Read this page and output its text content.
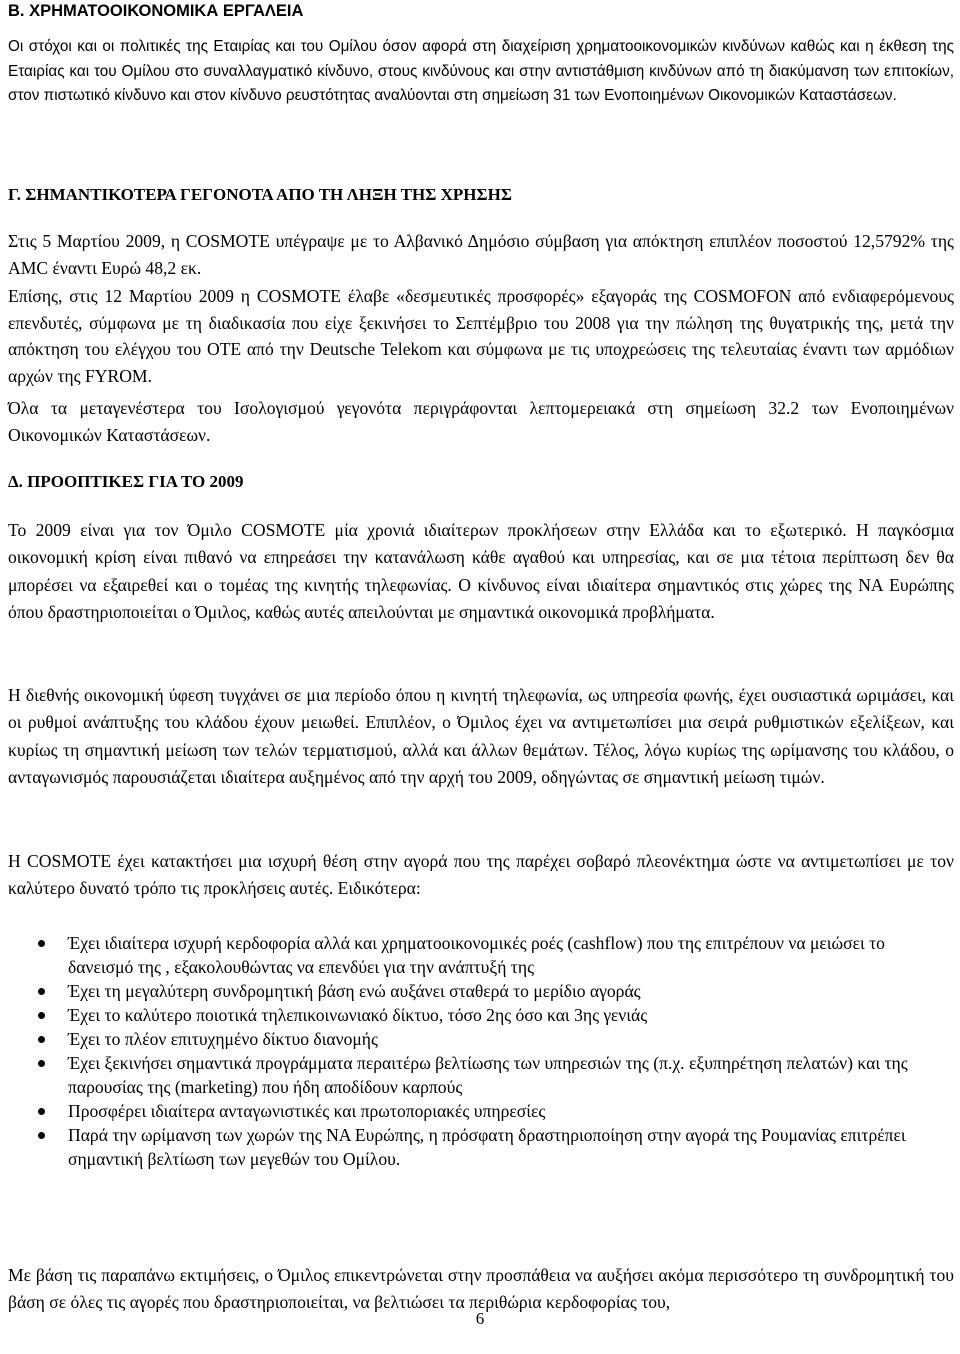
Β. ΧΡΗΜΑΤΟΟΙΚΟΝΟΜΙΚΑ ΕΡΓΑΛΕΙΑ
Οι στόχοι και οι πολιτικές της Εταιρίας και του Ομίλου όσον αφορά στη διαχείριση χρηματοοικονομικών κινδύνων καθώς και η έκθεση της Εταιρίας και του Ομίλου στο συναλλαγματικό κίνδυνο, στους κινδύνους και στην αντιστάθμιση κινδύνων από τη διακύμανση των επιτοκίων, στον πιστωτικό κίνδυνο και στον κίνδυνο ρευστότητας αναλύονται στη σημείωση 31 των Ενοποιημένων Οικονομικών Καταστάσεων.
Γ. ΣΗΜΑΝΤΙΚΟΤΕΡΑ ΓΕΓΟΝΟΤΑ ΑΠΟ ΤΗ ΛΗΞΗ ΤΗΣ ΧΡΗΣΗΣ
Στις 5 Μαρτίου 2009, η COSMOTE υπέγραψε με το Αλβανικό Δημόσιο σύμβαση για απόκτηση επιπλέον ποσοστού 12,5792% της AMC έναντι Ευρώ 48,2 εκ.
Επίσης, στις 12 Μαρτίου 2009 η COSMOTE έλαβε «δεσμευτικές προσφορές» εξαγοράς της COSMOFON από ενδιαφερόμενους επενδυτές, σύμφωνα με τη διαδικασία που είχε ξεκινήσει το Σεπτέμβριο του 2008 για την πώληση της θυγατρικής της, μετά την απόκτηση του ελέγχου του ΟΤΕ από την Deutsche Telekom και σύμφωνα με τις υποχρεώσεις της τελευταίας έναντι των αρμόδιων αρχών της FYROM.
Όλα τα μεταγενέστερα του Ισολογισμού γεγονότα περιγράφονται λεπτομερειακά στη σημείωση 32.2 των Ενοποιημένων Οικονομικών Καταστάσεων.
Δ. ΠΡΟΟΠΤΙΚΕΣ ΓΙΑ ΤΟ 2009
Το 2009 είναι για τον Όμιλο COSMOTE μία χρονιά ιδιαίτερων προκλήσεων στην Ελλάδα και το εξωτερικό. Η παγκόσμια οικονομική κρίση είναι πιθανό να επηρεάσει την κατανάλωση κάθε αγαθού και υπηρεσίας, και σε μια τέτοια περίπτωση δεν θα μπορέσει να εξαιρεθεί και ο τομέας της κινητής τηλεφωνίας. Ο κίνδυνος είναι ιδιαίτερα σημαντικός στις χώρες της ΝΑ Ευρώπης όπου δραστηριοποιείται ο Όμιλος, καθώς αυτές απειλούνται με σημαντικά οικονομικά προβλήματα.
Η διεθνής οικονομική ύφεση τυγχάνει σε μια περίοδο όπου η κινητή τηλεφωνία, ως υπηρεσία φωνής, έχει ουσιαστικά ωριμάσει, και οι ρυθμοί ανάπτυξης του κλάδου έχουν μειωθεί. Επιπλέον, ο Όμιλος έχει να αντιμετωπίσει μια σειρά ρυθμιστικών εξελίξεων, και κυρίως τη σημαντική μείωση των τελών τερματισμού, αλλά και άλλων θεμάτων. Τέλος, λόγω κυρίως της ωρίμανσης του κλάδου, ο ανταγωνισμός παρουσιάζεται ιδιαίτερα αυξημένος από την αρχή του 2009, οδηγώντας σε σημαντική μείωση τιμών.
Η COSMOTE έχει κατακτήσει μια ισχυρή θέση στην αγορά που της παρέχει σοβαρό πλεονέκτημα ώστε να αντιμετωπίσει με τον καλύτερο δυνατό τρόπο τις προκλήσεις αυτές. Ειδικότερα:
Έχει ιδιαίτερα ισχυρή κερδοφορία αλλά και χρηματοοικονομικές ροές (cashflow) που της επιτρέπουν να μειώσει το δανεισμό της , εξακολουθώντας να επενδύει για την ανάπτυξή της
Έχει τη μεγαλύτερη συνδρομητική βάση ενώ αυξάνει σταθερά το μερίδιο αγοράς
Έχει το καλύτερο ποιοτικά τηλεπικοινωνιακό δίκτυο, τόσο 2ης όσο και 3ης γενιάς
Έχει το πλέον επιτυχημένο δίκτυο διανομής
Έχει ξεκινήσει σημαντικά προγράμματα περαιτέρω βελτίωσης των υπηρεσιών της (π.χ. εξυπηρέτηση πελατών) και της παρουσίας της (marketing) που ήδη αποδίδουν καρπούς
Προσφέρει ιδιαίτερα ανταγωνιστικές και πρωτοποριακές υπηρεσίες
Παρά την ωρίμανση των χωρών της ΝΑ Ευρώπης, η πρόσφατη δραστηριοποίηση στην αγορά της Ρουμανίας επιτρέπει σημαντική βελτίωση των μεγεθών του Ομίλου.
Με βάση τις παραπάνω εκτιμήσεις, ο Όμιλος επικεντρώνεται στην προσπάθεια να αυξήσει ακόμα περισσότερο τη συνδρομητική του βάση σε όλες τις αγορές που δραστηριοποιείται, να βελτιώσει τα περιθώρια κερδοφορίας του,
6
